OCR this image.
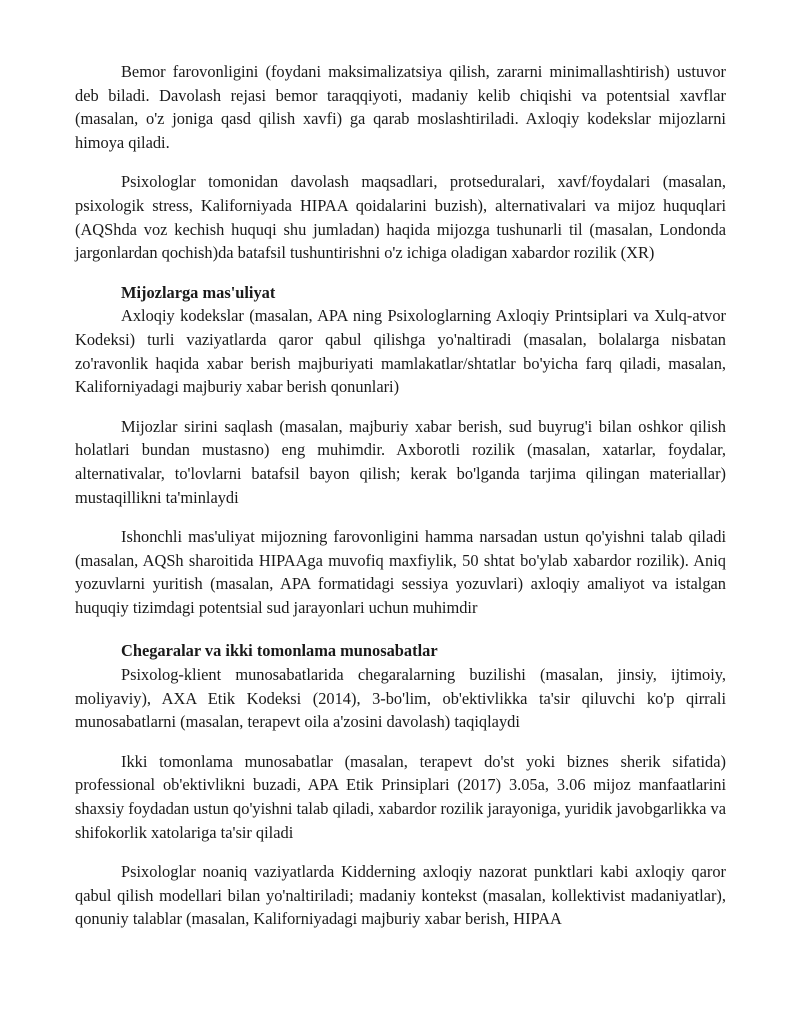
Bemor farovonligini (foydani maksimalizatsiya qilish, zararni minimallashtirish) ustuvor deb biladi. Davolash rejasi bemor taraqqiyoti, madaniy kelib chiqishi va potentsial xavflar (masalan, o'z joniga qasd qilish xavfi) ga qarab moslashtiriladi. Axloqiy kodekslar mijozlarni himoya qiladi.

Psixologlar tomonidan davolash maqsadlari, protseduralari, xavf/foydalari (masalan, psixologik stress, Kaliforniyada HIPAA qoidalarini buzish), alternativalari va mijoz huquqlari (AQShda voz kechish huquqi shu jumladan) haqida mijozga tushunarli til (masalan, Londonda jargonlardan qochish)da batafsil tushuntirishni o'z ichiga oladigan xabardor rozilik (XR)

Mijozlarga mas'uliyat

Axloqiy kodekslar (masalan, APA ning Psixologlarning Axloqiy Printsiplari va Xulq-atvor Kodeksi) turli vaziyatlarda qaror qabul qilishga yo'naltiradi (masalan, bolalarga nisbatan zo'ravonlik haqida xabar berish majburiyati mamlakatlar/shtatlar bo'yicha farq qiladi, masalan, Kaliforniyadagi majburiy xabar berish qonunlari)

Mijozlar sirini saqlash (masalan, majburiy xabar berish, sud buyrug'i bilan oshkor qilish holatlari bundan mustasno) eng muhimdir. Axborotli rozilik (masalan, xatarlar, foydalar, alternativalar, to'lovlarni batafsil bayon qilish; kerak bo'lganda tarjima qilingan materiallar) mustaqillikni ta'minlaydi

Ishonchli mas'uliyat mijozning farovonligini hamma narsadan ustun qo'yishni talab qiladi (masalan, AQSh sharoitida HIPAAga muvofiq maxfiylik, 50 shtat bo'ylab xabardor rozilik). Aniq yozuvlarni yuritish (masalan, APA formatidagi sessiya yozuvlari) axloqiy amaliyot va istalgan huquqiy tizimdagi potentsial sud jarayonlari uchun muhimdir

Chegaralar va ikki tomonlama munosabatlar

Psixolog-klient munosabatlarida chegaralarning buzilishi (masalan, jinsiy, ijtimoiy, moliyaviy), AXA Etik Kodeksi (2014), 3-bo'lim, ob'ektivlikka ta'sir qiluvchi ko'p qirrali munosabatlarni (masalan, terapevt oila a'zosini davolash) taqiqlaydi

Ikki tomonlama munosabatlar (masalan, terapevt do'st yoki biznes sherik sifatida) professional ob'ektivlikni buzadi, APA Etik Prinsiplari (2017) 3.05a, 3.06 mijoz manfaatlarini shaxsiy foydadan ustun qo'yishni talab qiladi, xabardor rozilik jarayoniga, yuridik javobgarlikka va shifokorlik xatolariga ta'sir qiladi

Psixologlar noaniq vaziyatlarda Kidderning axloqiy nazorat punktlari kabi axloqiy qaror qabul qilish modellari bilan yo'naltiriladi; madaniy kontekst (masalan, kollektivist madaniyatlar), qonuniy talablar (masalan, Kaliforniyadagi majburiy xabar berish, HIPAA
